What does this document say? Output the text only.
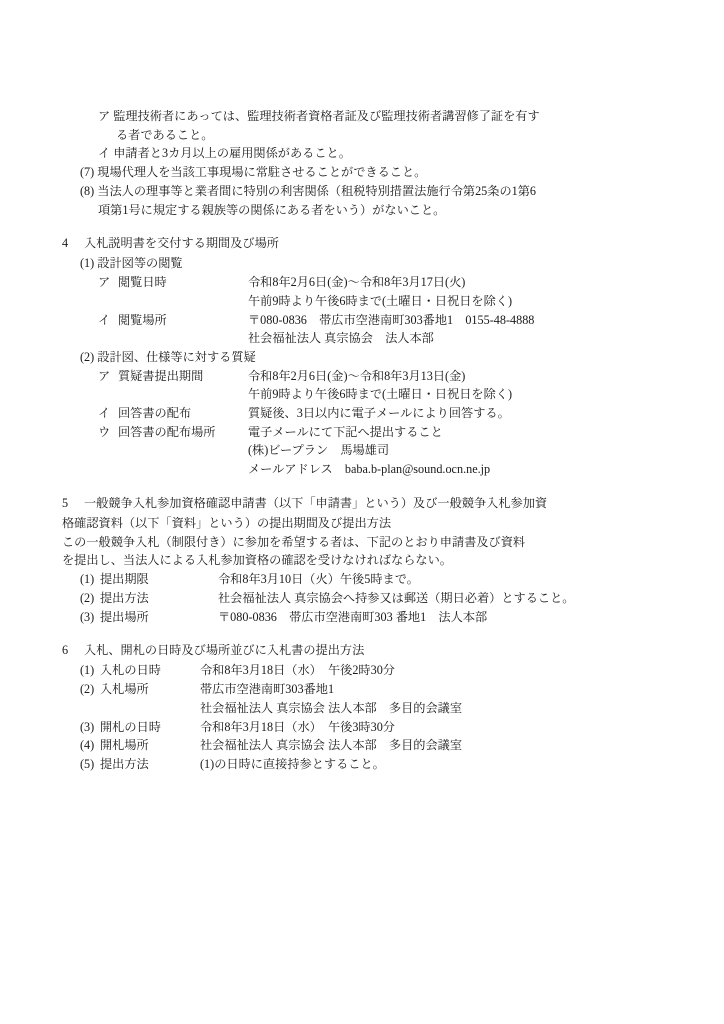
ア 監理技術者にあっては、監理技術者資格者証及び監理技術者講習修了証を有す
る者であること。
イ 申請者と3カ月以上の雇用関係があること。
(7) 現場代理人を当該工事現場に常駐させることができること。
(8) 当法人の理事等と業者間に特別の利害関係（租税特別措置法施行令第25条の1第6
項第1号に規定する親族等の関係にある者をいう）がないこと。
4	入札説明書を交付する期間及び場所
(1) 設計図等の閲覧
ア 閲覧日時	令和8年2月6日(金)～令和8年3月17日(火)
午前9時より午後6時まで(土曜日・日祝日を除く)
イ 閲覧場所	〒080-0836　帯広市空港南町303番地1　0155-48-4888
社会福祉法人 真宗協会　法人本部
(2) 設計図、仕様等に対する質疑
ア 質疑書提出期間	令和8年2月6日(金)～令和8年3月13日(金)
午前9時より午後6時まで(土曜日・日祝日を除く)
イ 回答書の配布	質疑後、3日以内に電子メールにより回答する。
ウ 回答書の配布場所	電子メールにて下記へ提出すること
(株)ビープラン　馬場雄司
メールアドレス　baba.b-plan@sound.ocn.ne.jp
5	一般競争入札参加資格確認申請書（以下「申請書」という）及び一般競争入札参加資
格確認資料（以下「資料」という）の提出期間及び提出方法
この一般競争入札（制限付き）に参加を希望する者は、下記のとおり申請書及び資料
を提出し、当法人による入札参加資格の確認を受けなければならない。
(1) 提出期限	令和8年3月10日（火）午後5時まで。
(2) 提出方法	社会福祉法人 真宗協会へ持参又は郵送（期日必着）とすること。
(3) 提出場所	〒080-0836　帯広市空港南町303 番地1　法人本部
6	入札、開札の日時及び場所並びに入札書の提出方法
(1) 入札の日時	令和8年3月18日（水）　午後2時30分
(2) 入札場所	帯広市空港南町303番地1
社会福祉法人 真宗協会 法人本部　多目的会議室
(3) 開札の日時	令和8年3月18日（水）　午後3時30分
(4) 開札場所	社会福祉法人 真宗協会 法人本部　多目的会議室
(5) 提出方法	(1)の日時に直接持参とすること。
